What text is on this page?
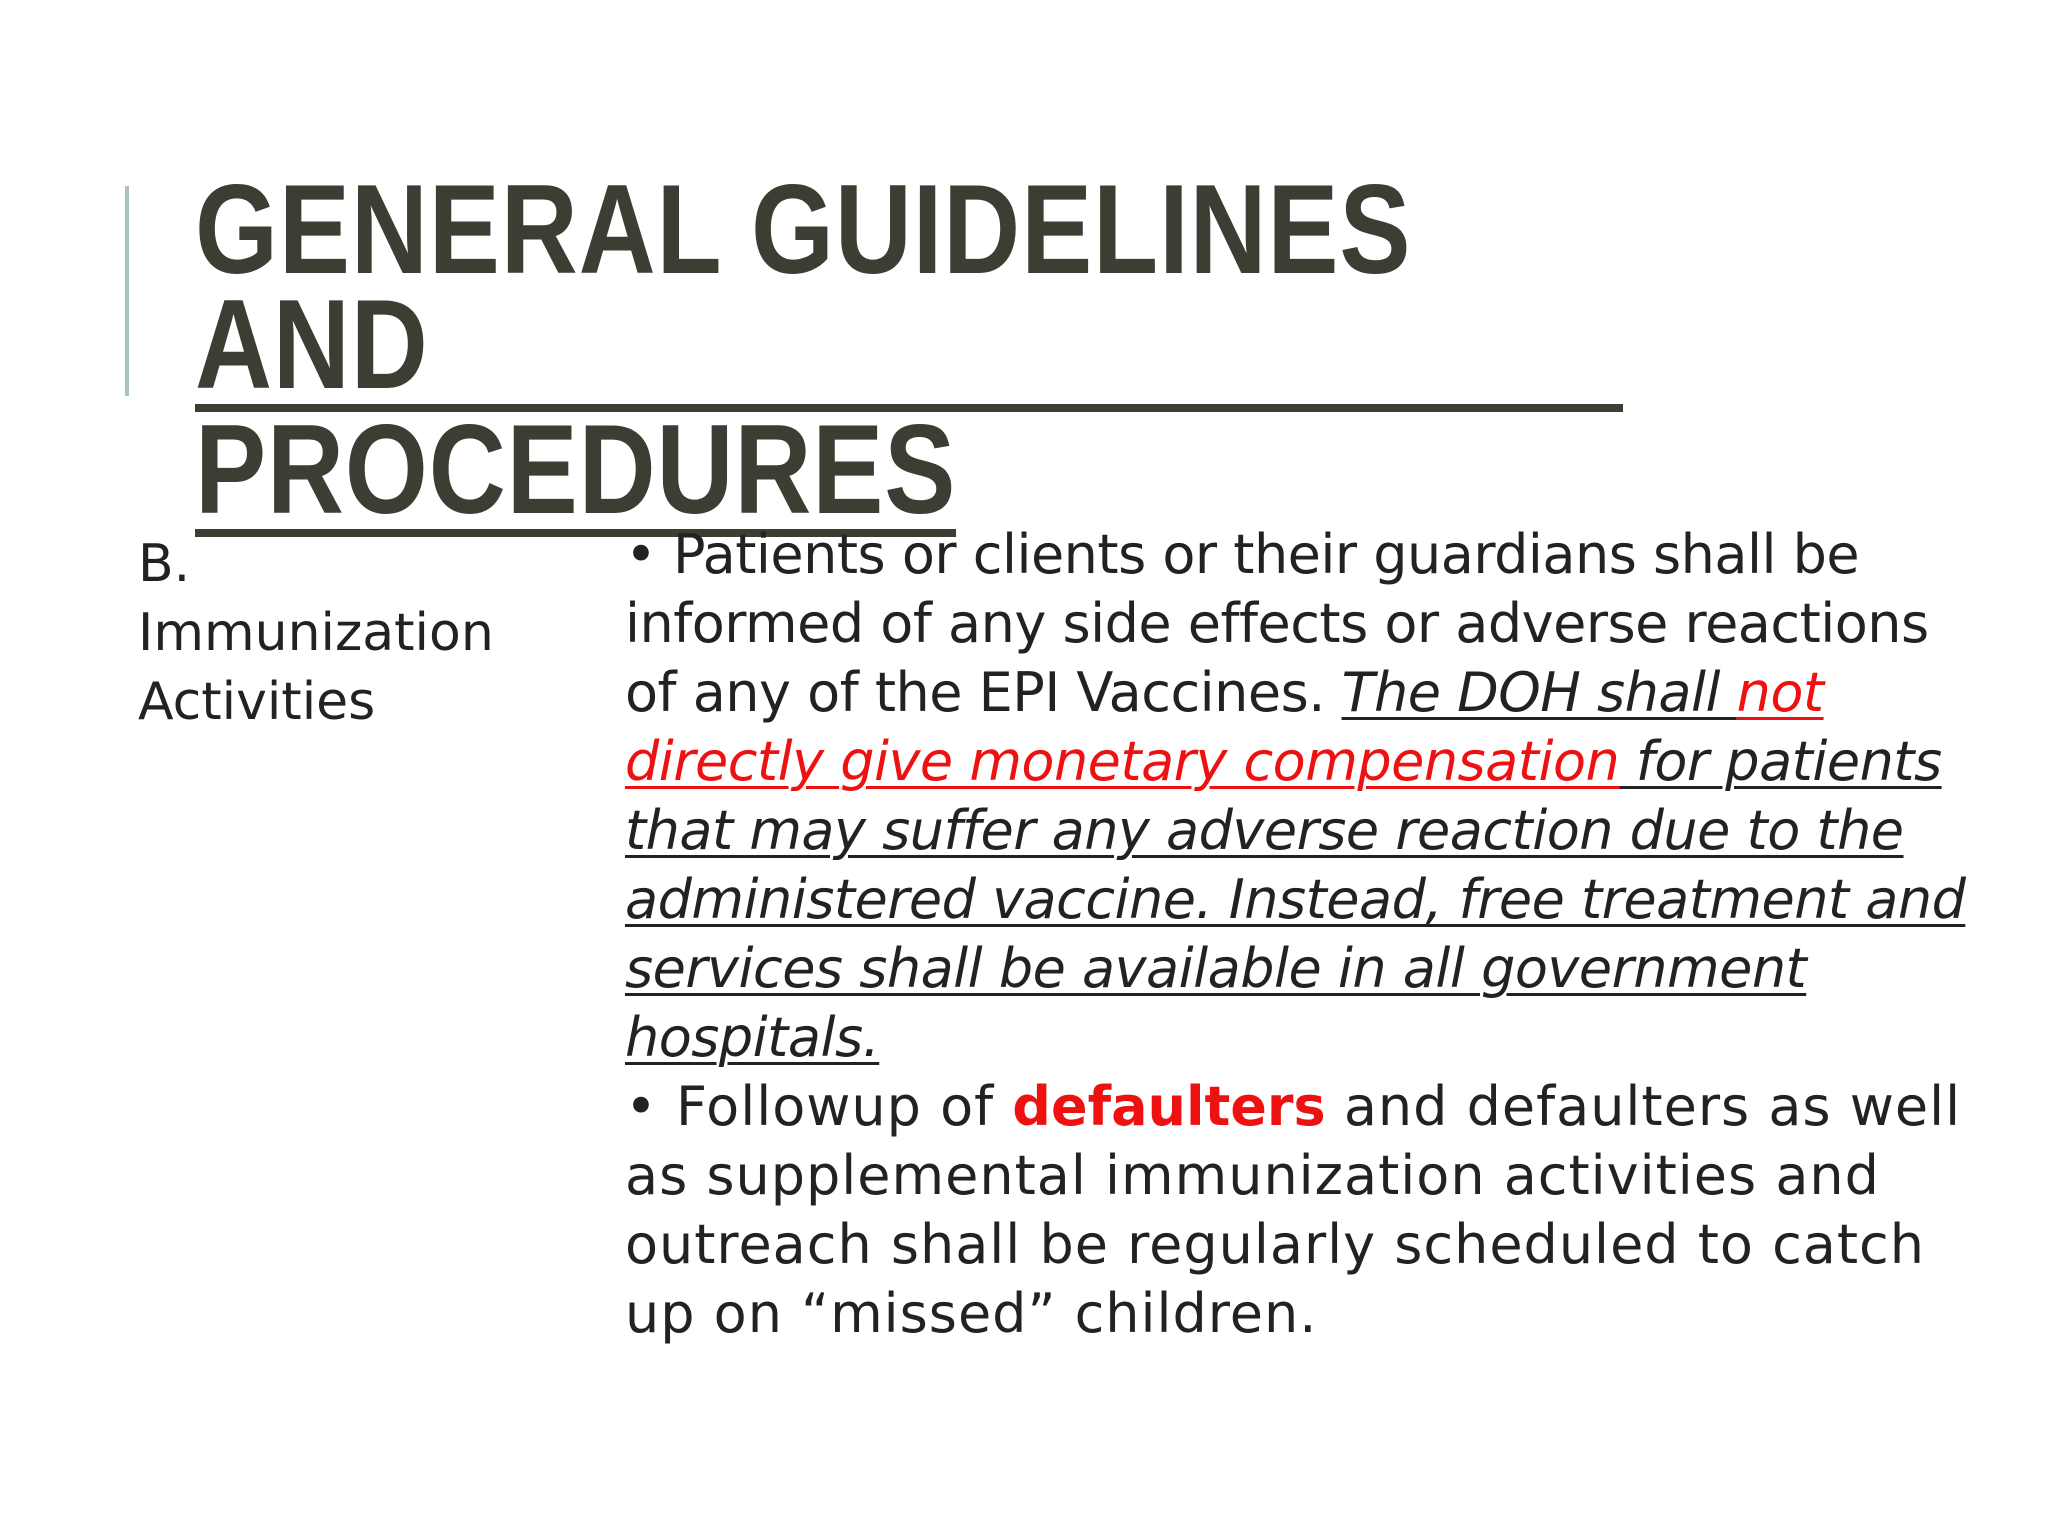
GENERAL GUIDELINES AND
PROCEDURES
B.
Immunization
Activities

• Patients or clients or their guardians shall be informed of any side effects or adverse reactions of any of the EPI Vaccines. The DOH shall not directly give monetary compensation for patients that may suffer any adverse reaction due to the administered vaccine. Instead, free treatment and services shall be available in all government hospitals.

• Followup of defaulters and defaulters as well as supplemental immunization activities and outreach shall be regularly scheduled to catch up on “missed” children.
